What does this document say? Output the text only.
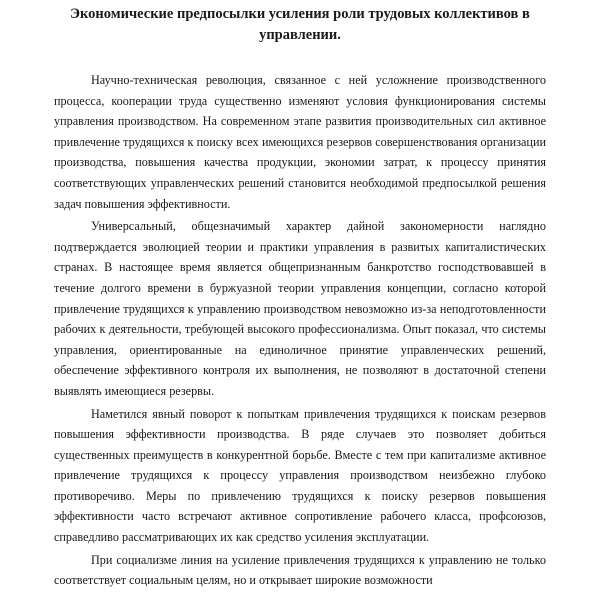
Экономические предпосылки усиления роли трудовых коллективов в управлении.

Научно-техническая революция, связанное с ней усложнение производственного процесса, кооперации труда существенно изменяют условия функционирования системы управления производством. На современном этапе развития производительных сил активное привлечение трудящихся к поиску всех имеющихся резервов совершенствования организации производства, повышения качества продукции, экономии затрат, к процессу принятия соответствующих управленческих решений становится необходимой предпосылкой решения задач повышения эффективности.

Универсальный, общезначимый характер дайной закономерности наглядно подтверждается эволюцией теории и практики управления в развитых капиталистических странах. В настоящее время является общепризнанным банкротство господствовавшей в течение долгого времени в буржуазной теории управления концепции, согласно которой привлечение трудящихся к управлению производством невозможно из-за неподготовленности рабочих к деятельности, требующей высокого профессионализма. Опыт показал, что системы управления, ориентированные на единоличное принятие управленческих решений, обеспечение эффективного контроля их выполнения, не позволяют в достаточной степени выявлять имеющиеся резервы.

Наметился явный поворот к попыткам привлечения трудящихся к поискам резервов повышения эффективности производства. В ряде случаев это позволяет добиться существенных преимуществ в конкурентной борьбе. Вместе с тем при капитализме активное привлечение трудящихся к процессу управления производством неизбежно глубоко противоречиво. Меры по привлечению трудящихся к поиску резервов повышения эффективности часто встречают активное сопротивление рабочего класса, профсоюзов, справедливо рассматривающих их как средство усиления эксплуатации.

При социализме линия на усиление привлечения трудящихся к управлению не только соответствует социальным целям, но и открывает широкие возможности
